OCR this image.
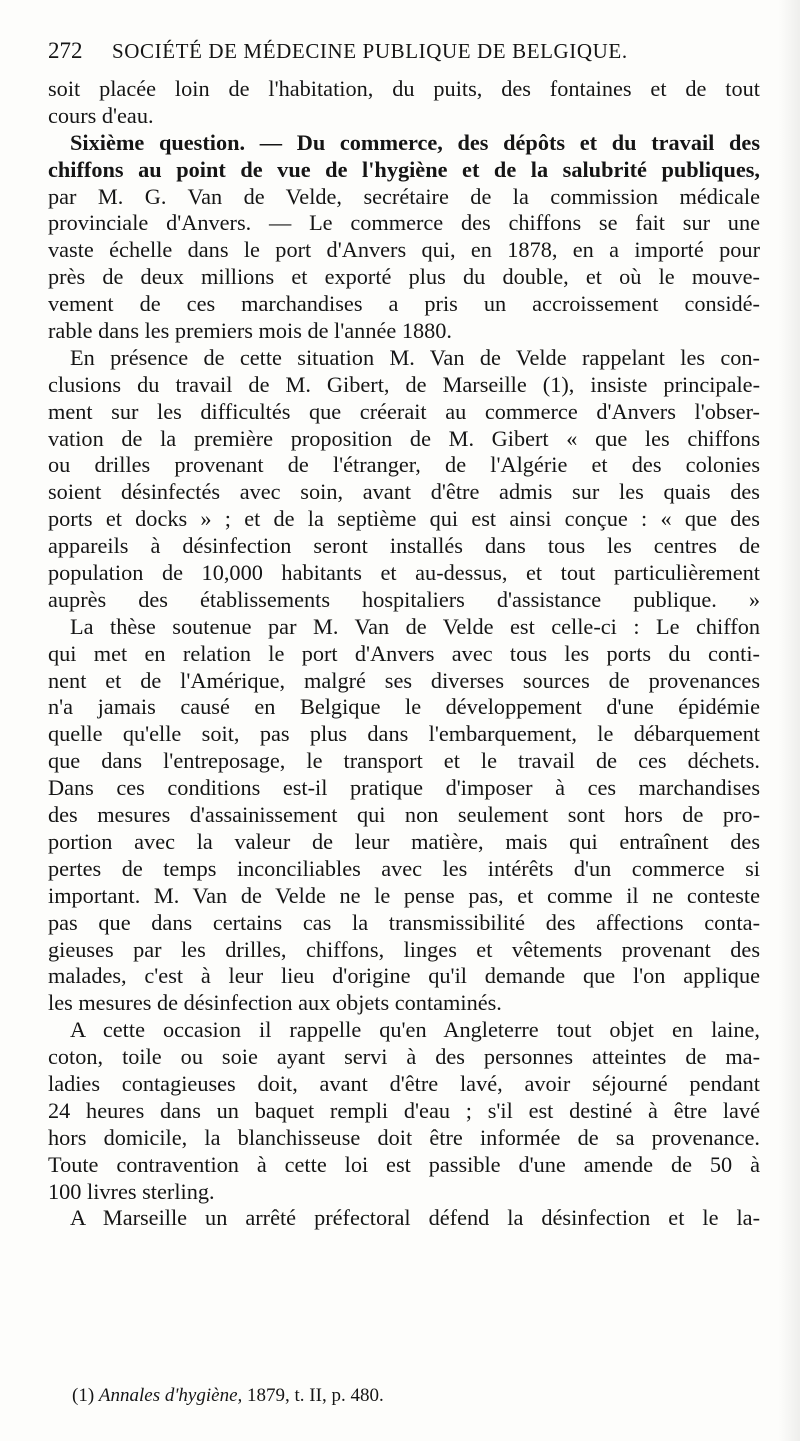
272 SOCIÉTÉ DE MÉDECINE PUBLIQUE DE BELGIQUE.
soit placée loin de l'habitation, du puits, des fontaines et de tout
cours d'eau.
Sixième question. — Du commerce, des dépôts et du travail des
chiffons au point de vue de l'hygiène et de la salubrité publiques,
par M. G. Van de Velde, secrétaire de la commission médicale
provinciale d'Anvers. — Le commerce des chiffons se fait sur une
vaste échelle dans le port d'Anvers qui, en 1878, en a importé pour
près de deux millions et exporté plus du double, et où le mouve-
vement de ces marchandises a pris un accroissement considé-
rable dans les premiers mois de l'année 1880.
En présence de cette situation M. Van de Velde rappelant les con-
clusions du travail de M. Gibert, de Marseille (1), insiste principale-
ment sur les difficultés que créerait au commerce d'Anvers l'obser-
vation de la première proposition de M. Gibert « que les chiffons
ou drilles provenant de l'étranger, de l'Algérie et des colonies
soient désinfectés avec soin, avant d'être admis sur les quais des
ports et docks » ; et de la septième qui est ainsi conçue : « que des
appareils à désinfection seront installés dans tous les centres de
population de 10,000 habitants et au-dessus, et tout particulièrement
auprès des établissements hospitaliers d'assistance publique. »
La thèse soutenue par M. Van de Velde est celle-ci : Le chiffon
qui met en relation le port d'Anvers avec tous les ports du conti-
nent et de l'Amérique, malgré ses diverses sources de provenances
n'a jamais causé en Belgique le développement d'une épidémie
quelle qu'elle soit, pas plus dans l'embarquement, le débarquement
que dans l'entreposage, le transport et le travail de ces déchets.
Dans ces conditions est-il pratique d'imposer à ces marchandises
des mesures d'assainissement qui non seulement sont hors de pro-
portion avec la valeur de leur matière, mais qui entraînent des
pertes de temps inconciliables avec les intérêts d'un commerce si
important. M. Van de Velde ne le pense pas, et comme il ne conteste
pas que dans certains cas la transmissibilité des affections conta-
gieuses par les drilles, chiffons, linges et vêtements provenant des
malades, c'est à leur lieu d'origine qu'il demande que l'on applique
les mesures de désinfection aux objets contaminés.
A cette occasion il rappelle qu'en Angleterre tout objet en laine,
coton, toile ou soie ayant servi à des personnes atteintes de ma-
ladies contagieuses doit, avant d'être lavé, avoir séjourné pendant
24 heures dans un baquet rempli d'eau ; s'il est destiné à être lavé
hors domicile, la blanchisseuse doit être informée de sa provenance.
Toute contravention à cette loi est passible d'une amende de 50 à
100 livres sterling.
A Marseille un arrêté préfectoral défend la désinfection et le la-
(1) Annales d'hygiène, 1879, t. II, p. 480.
